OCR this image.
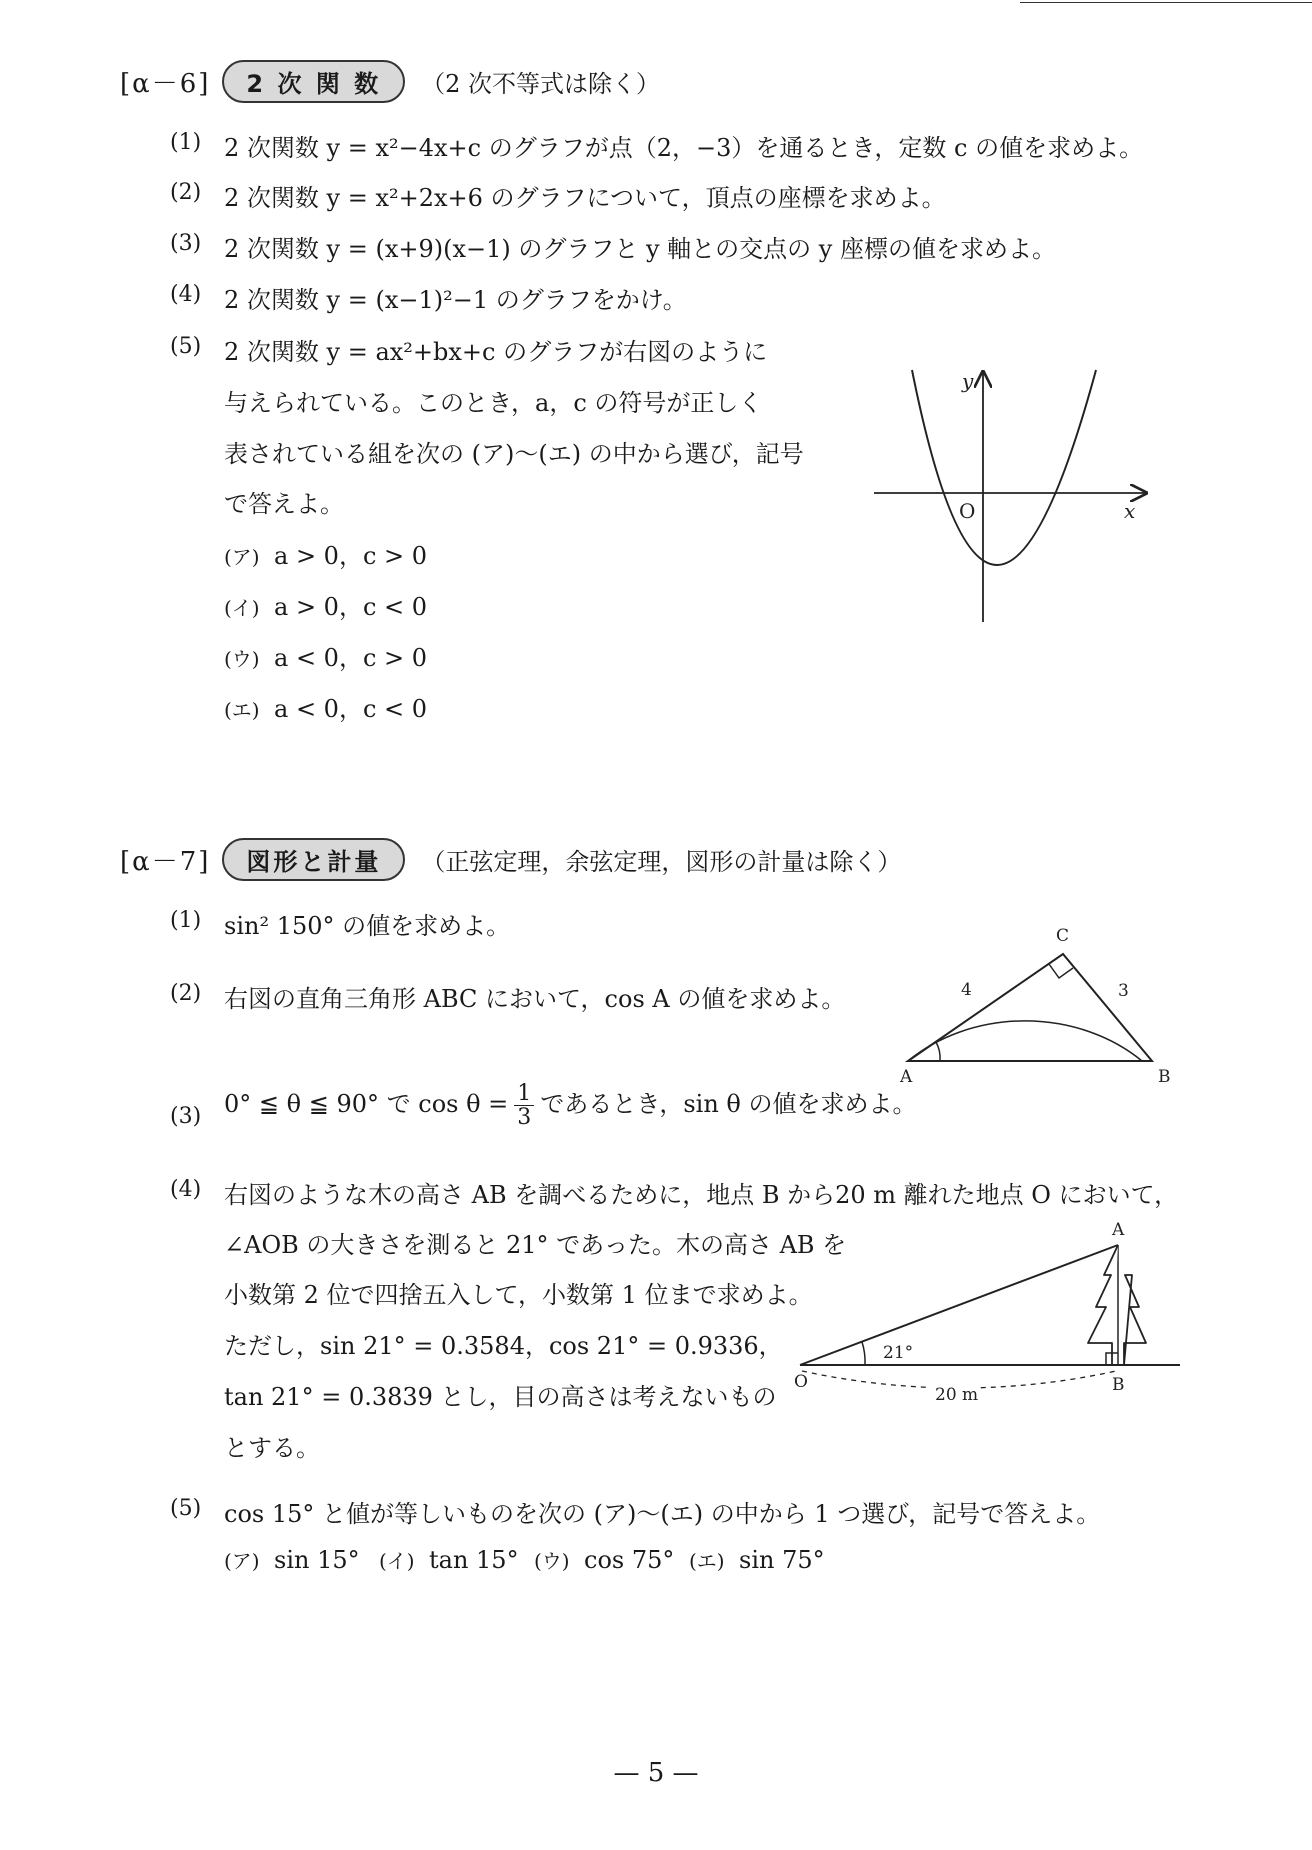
[α－6]	2 次 関 数	（2 次不等式は除く）
(1) 2 次関数 y = x²−4x+c のグラフが点（2，−3）を通るとき，定数 c の値を求めよ。
(2) 2 次関数 y = x²+2x+6 のグラフについて，頂点の座標を求めよ。
(3) 2 次関数 y = (x+9)(x−1) のグラフと y 軸との交点の y 座標の値を求めよ。
(4) 2 次関数 y = (x−1)²−1 のグラフをかけ。
(5) 2 次関数 y = ax²+bx+c のグラフが右図のように
与えられている。このとき，a，c の符号が正しく
表されている組を次の (ア)〜(エ) の中から選び，記号
で答えよ。
(ア) a > 0，c > 0
(イ) a > 0，c < 0
(ウ) a < 0，c > 0
(エ) a < 0，c < 0
y
x
O
[α－7]	図形と計量	（正弦定理，余弦定理，図形の計量は除く）
(1) sin² 150° の値を求めよ。
(2) 右図の直角三角形 ABC において，cos A の値を求めよ。
A	B
C
4	3
(3) 0° ≦ θ ≦ 90° で $\cos \theta = \frac{1}{3}$ であるとき，sin θ の値を求めよ。
(4) 右図のような木の高さ AB を調べるために，地点 B から20 m 離れた地点 O において，
∠AOB の大きさを測ると 21° であった。木の高さ AB を
小数第 2 位で四捨五入して，小数第 1 位まで求めよ。
ただし，sin 21° = 0.3584，cos 21° = 0.9336，
tan 21° = 0.3839 とし，目の高さは考えないもの
とする。
20 m
21°
A
B
O
(5) cos 15° と値が等しいものを次の (ア)〜(エ) の中から 1 つ選び，記号で答えよ。
(ア) sin 15° (イ) tan 15° (ウ) cos 75° (エ) sin 75°
— 5 —
